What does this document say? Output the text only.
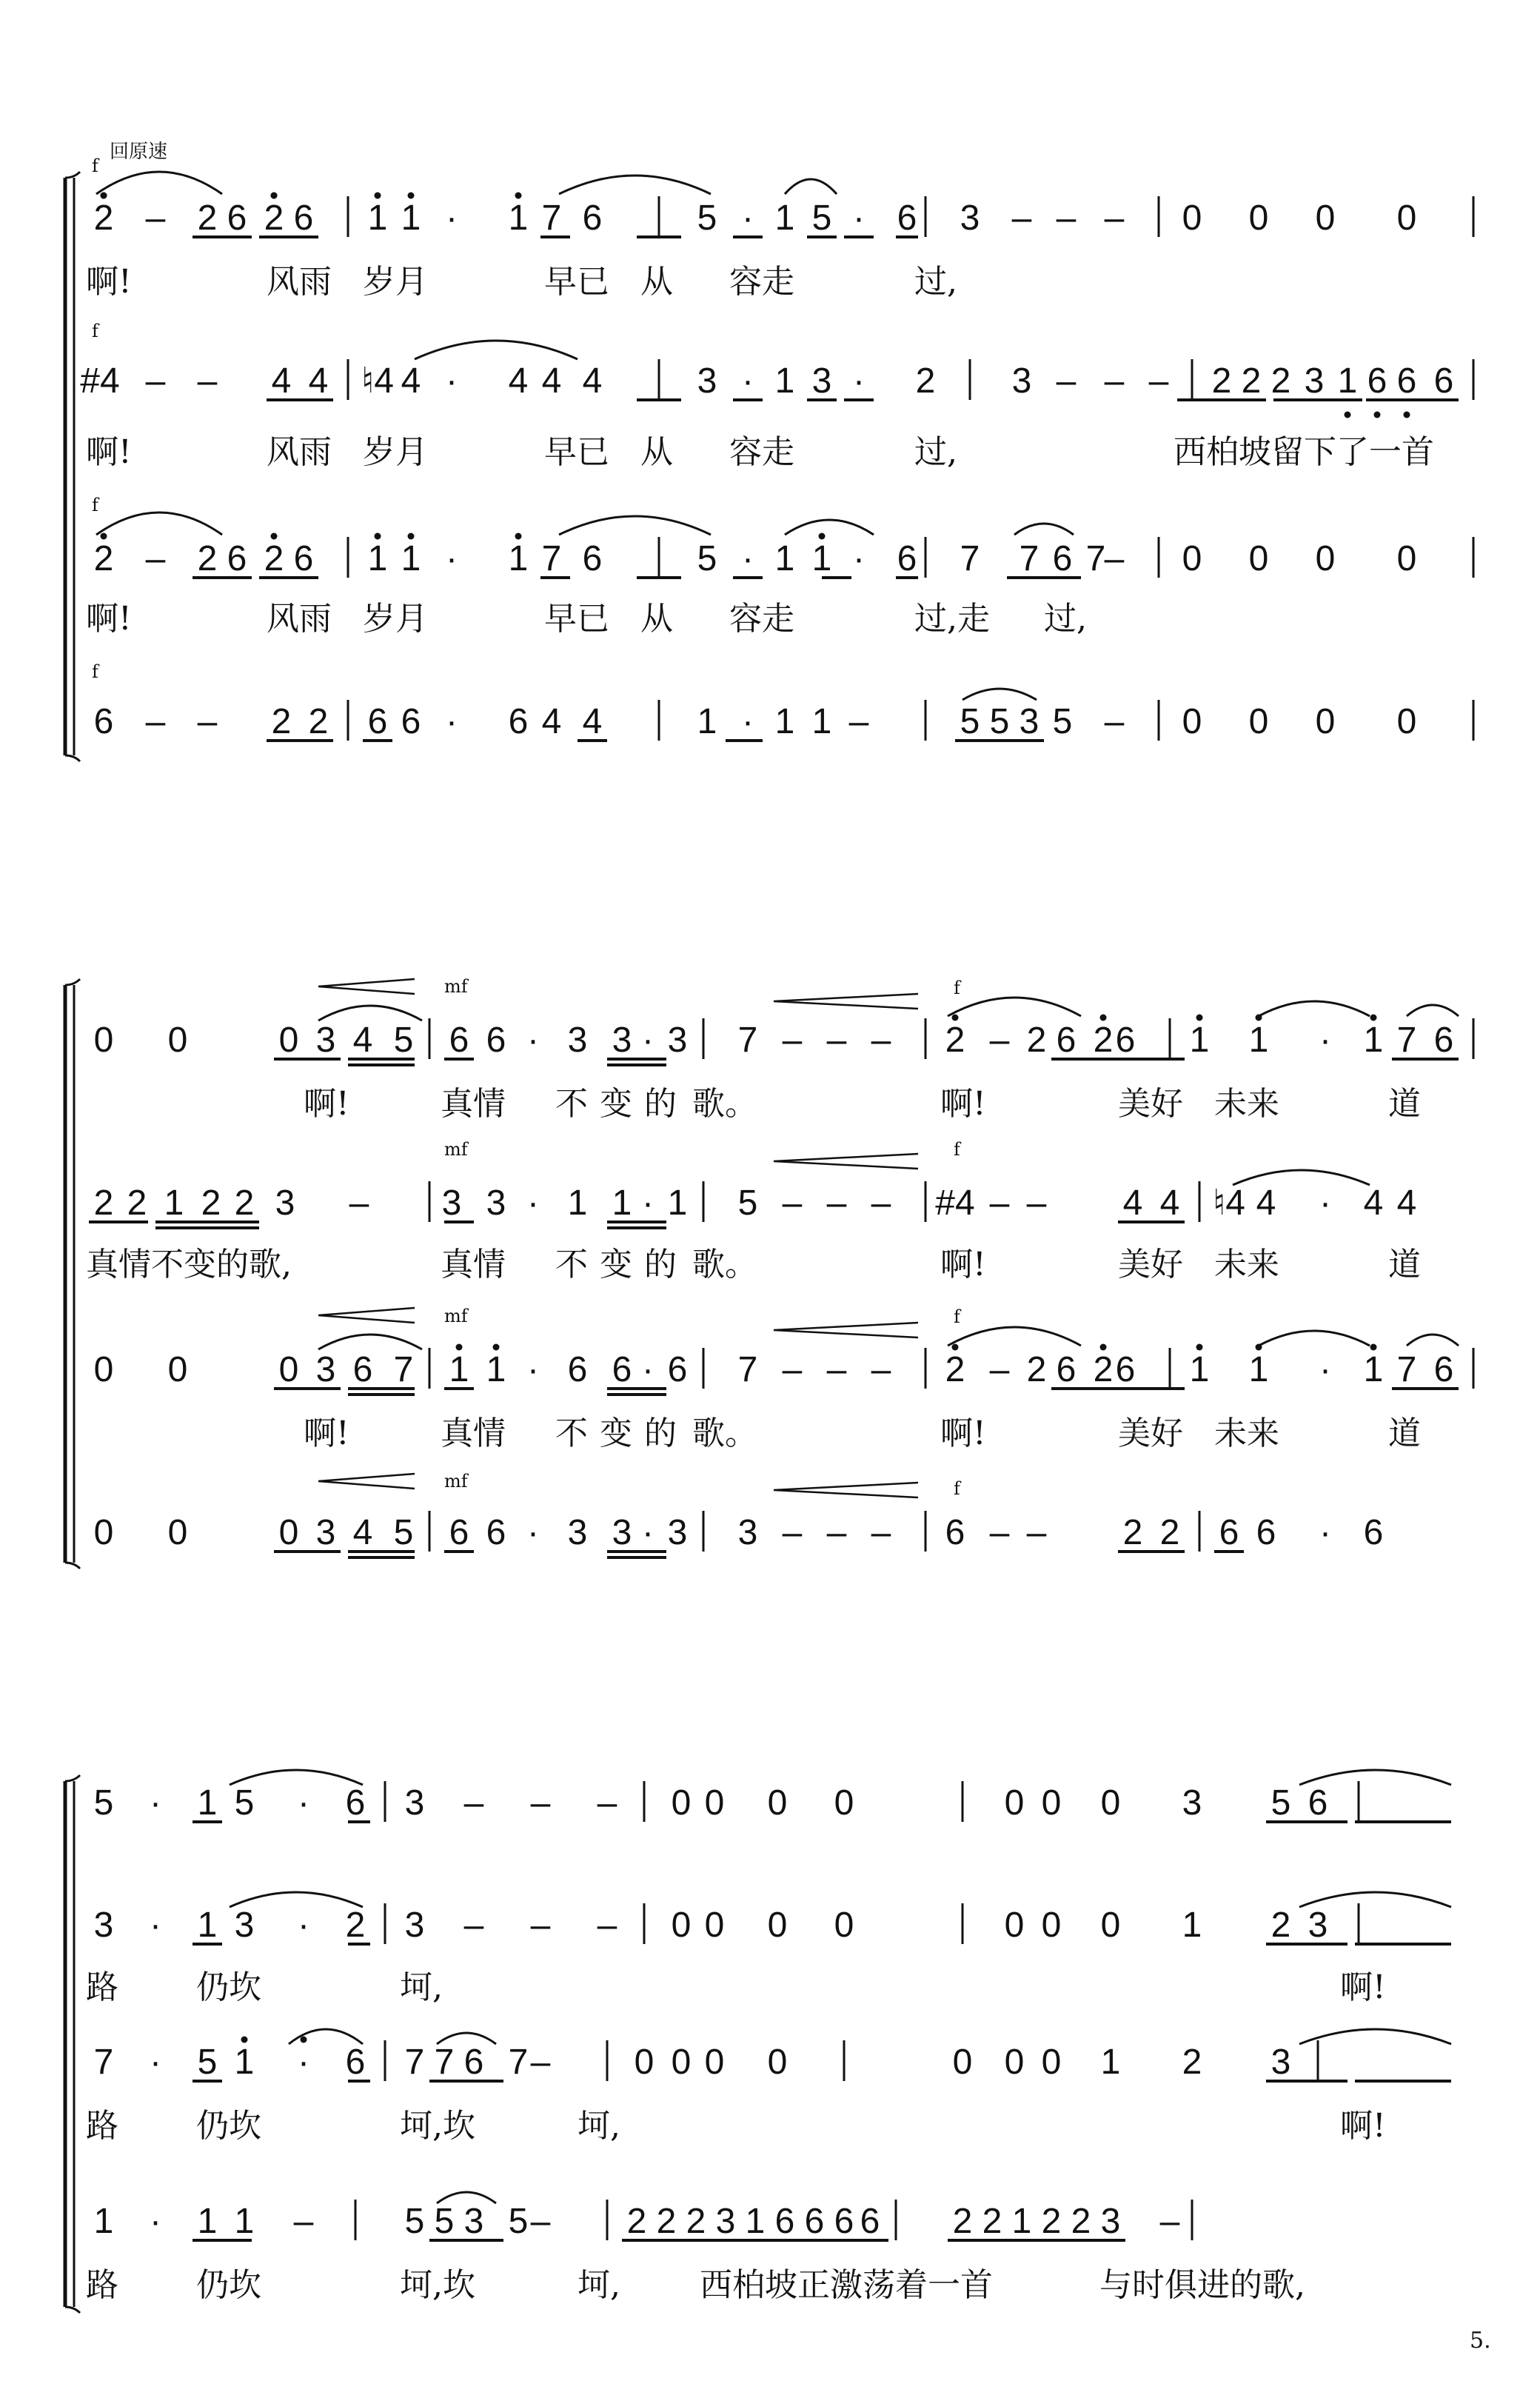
回原速
f
2 – 2 6 2 6 1 1 · 1 7 6	5 · 1 5 · 6 3 – – – 0 0 0 0
啊!	风雨 岁月	早已 从 容走	过,
f
#4 – – 4 4 ♮4 4 · 4 4 4	3 · 1 3 · 2 3 – – – 2 2 2 3 1 6 6 6
啊!	风雨 岁月	早已 从 容走	过,	西柏坡留下了一首
f
2 – 2 6 2 6 1 1 · 1 7 6	5 · 1 1 · 6 7 7 6 7
– 0 0 0 0
啊!	风雨 岁月	早已 从 容走	过,走 过,
f
6 – – 2 2 6 6 · 6 4 4	1 · 1 1 –	5 5 3 5 – 0 0 0 0
mf	f
0 0	0 3 4 5 6 6 · 3 3 · 3 7 – – – 2 – 2 6 2 6 1 1 · 1 7 6
啊!	真情 不 变 的 歌。	啊!	美好 未来	道
mf	f
2 2 1 2 2 3 – 3 3 · 1 1 · 1 5 – – – #4 – – 4 4 ♮4 4 · 4 4
真情不变的歌,	真情 不 变 的 歌。	啊!	美好 未来	道
mf	f
0 0	0 3 6 7 1 1 · 6 6 · 6 7 – – – 2 – 2 6 2 6 1 1 · 1 7 6
啊!	真情 不 变 的 歌。	啊!	美好 未来	道
mf	f
0 0	0 3 4 5 6 6 · 3 3 · 3 3 – – – 6 – – 2 2 6 6 · 6
5 · 1 5 · 6 3 – – – 0 0 0 0	0 0 0 3 5 6
3 · 1 3 · 2 3 – – – 0 0 0 0	0 0 0 1 2 3
路 仍坎	坷,	啊!
7 · 5 1 · 6 7 7 6 7 – 0 0 0 0	0 0 0 1 2 3
路 仍坎	坷,坎	坷,	啊!
1 · 1 1 –	5 5 3 5 – 2 2 2 3 1 6 6 6 6 2 2 1 2 2 3 –
路 仍坎	坷,坎	坷, 西柏坡正激荡着一首	与时俱进的歌,
5.
